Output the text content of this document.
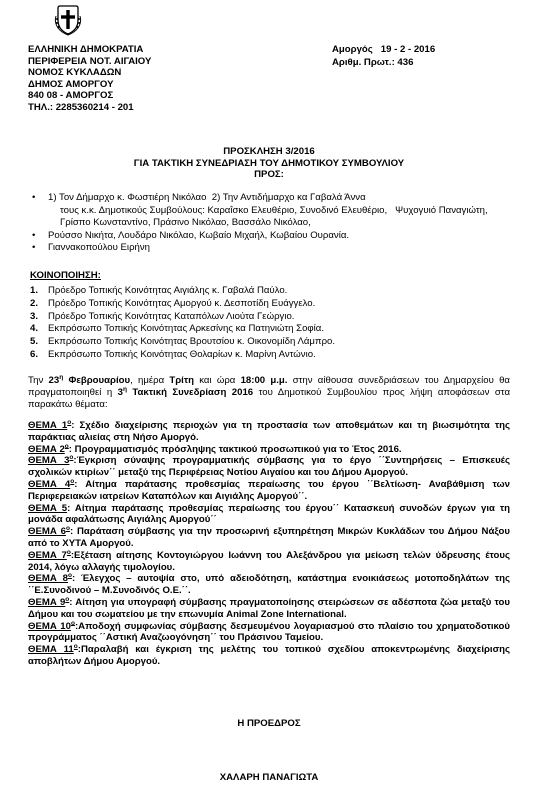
ΕΛΛΗΝΙΚΗ ΔΗΜΟΚΡΑΤΙΑ
ΠΕΡΙΦΕΡΕΙΑ ΝΟΤ. ΑΙΓΑΙΟΥ
ΝΟΜΟΣ ΚΥΚΛΑΔΩΝ
ΔΗΜΟΣ ΑΜΟΡΓΟΥ
840 08 - ΑΜΟΡΓΟΣ
ΤΗΛ.: 2285360214 - 201
Αμοργός   19 - 2 - 2016
Αριθμ. Πρωτ.: 436
ΠΡΟΣΚΛΗΣΗ 3/2016
ΓΙΑ ΤΑΚΤΙΚΗ ΣΥΝΕΔΡΙΑΣΗ ΤΟΥ ΔΗΜΟΤΙΚΟΥ ΣΥΜΒΟΥΛΙΟΥ
ΠΡΟΣ:
• 1) Τον Δήμαρχο κ. Φωστιέρη Νικόλαο  2) Την Αντιδήμαρχο κα Γαβαλά Άννα
τους κ.κ. Δημοτικούς Συμβούλους: Καραΐσκο Ελευθέριο, Συνοδινό Ελευθέριο,   Ψυχογυιό Παναγιώτη, Γρίσπο Κωνσταντίνο, Πράσινο Νικόλαο, Βασσάλο Νικόλαο,
• Ρούσσο Νικήτα, Λουδάρο Νικόλαο, Κωβαίο Μιχαήλ, Κωβαίου Ουρανία.
• Γιαννακοπούλου Ειρήνη
ΚΟΙΝΟΠΟΙΗΣΗ:
1. Πρόεδρο Τοπικής Κοινότητας Αιγιάλης κ. Γαβαλά Παύλο.
2. Πρόεδρο Τοπικής Κοινότητας Αμοργού κ. Δεσποτίδη Ευάγγελο.
3. Πρόεδρο Τοπικής Κοινότητας Καταπόλων Λιούτα Γεώργιο.
4. Εκπρόσωπο Τοπικής Κοινότητας Αρκεσίνης κα Πατηνιώτη Σοφία.
5. Εκπρόσωπο Τοπικής Κοινότητας Βρουτσίου κ. Οικονομίδη Λάμπρο.
6. Εκπρόσωπο Τοπικής Κοινότητας Θολαρίων κ. Μαρίνη Αντώνιο.
Την $23^\eta$ Φεβρουαρίου, ημέρα Τρίτη και ώρα 18:00 μ.μ. στην αίθουσα συνεδριάσεων του Δημαρχείου θα πραγματοποιηθεί η $3^\eta$ Τακτική Συνεδρίαση 2016 του Δημοτικού Συμβουλίου προς λήψη αποφάσεων στα παρακάτω θέματα:

ΘΕΜΑ $1^o$: Σχέδιο διαχείρισης περιοχών για τη προστασία των αποθεμάτων και τη βιωσιμότητα της παράκτιας αλιείας στη Νήσο Αμοργό.

ΘΕΜΑ $2^o$: Προγραμματισμός πρόσληψης τακτικού προσωπικού για το Έτος 2016.

ΘΕΜΑ $3^o:Έ\gamma\kappa\rho\iota\sigma\eta$ σύναψης προγραμματικής σύμβασης για το έργο ΄΄Συντηρήσεις – Επισκευές σχολικών κτιρίων΄΄ μεταξύ της Περιφέρειας Νοτίου Αιγαίου και του Δήμου Αμοργού.

ΘΕΜΑ $4^o$: Αίτημα παράτασης προθεσμίας περαίωσης του έργου ΄΄Βελτίωση- Αναβάθμιση των Περιφερειακών ιατρείων Καταπόλων και Αιγιάλης Αμοργού΄΄.

ΘΕΜΑ 5: Αίτημα παράτασης προθεσμίας περαίωσης του έργου΄΄ Κατασκευή συνοδών έργων για τη μονάδα αφαλάτωσης Αιγιάλης Αμοργού΄΄

ΘΕΜΑ $6^o$: Παράταση σύμβασης για την προσωρινή εξυπηρέτηση Μικρών Κυκλάδων του Δήμου Νάξου από το ΧΥΤΑ Αμοργού.

ΘΕΜΑ $7^o:E\xi έ\tau\alpha\sigma\eta$ αίτησης Κοντογιώργου Ιωάννη του Αλεξάνδρου για μείωση τελών ύδρευσης έτους 2014, λόγω αλλαγής τιμολογίου.

ΘΕΜΑ $8^o$: Έλεγχος – αυτοψία στο, υπό αδειοδότηση, κατάστημα ενοικιάσεως μοτοποδηλάτων της ΄΄Ε.Συνοδινού – Μ.Συνοδινός Ο.Ε.΄΄.

ΘΕΜΑ $9^o$: Αίτηση για υπογραφή σύμβασης πραγματοποίησης στειρώσεων σε αδέσποτα ζώα μεταξύ του Δήμου και του σωματείου με την επωνυμία Animal Zone International.

ΘΕΜΑ $10^o:A\pi o\delta o\chi ή$ συμφωνίας σύμβασης δεσμευμένου λογαριασμού στο πλαίσιο του χρηματοδοτικού προγράμματος ΄΄Αστική Αναζωογόνηση΄΄ του Πράσινου Ταμείου.

ΘΕΜΑ $11^o:\Pi\alpha\rho\alpha\lambda\alpha\beta ή$ και έγκριση της μελέτης του τοπικού σχεδίου αποκεντρωμένης διαχείρισης αποβλήτων Δήμου Αμοργού.

Η ΠΡΟΕΔΡΟΣ
ΧΑΛΑΡΗ ΠΑΝΑΓΙΩΤΑ
